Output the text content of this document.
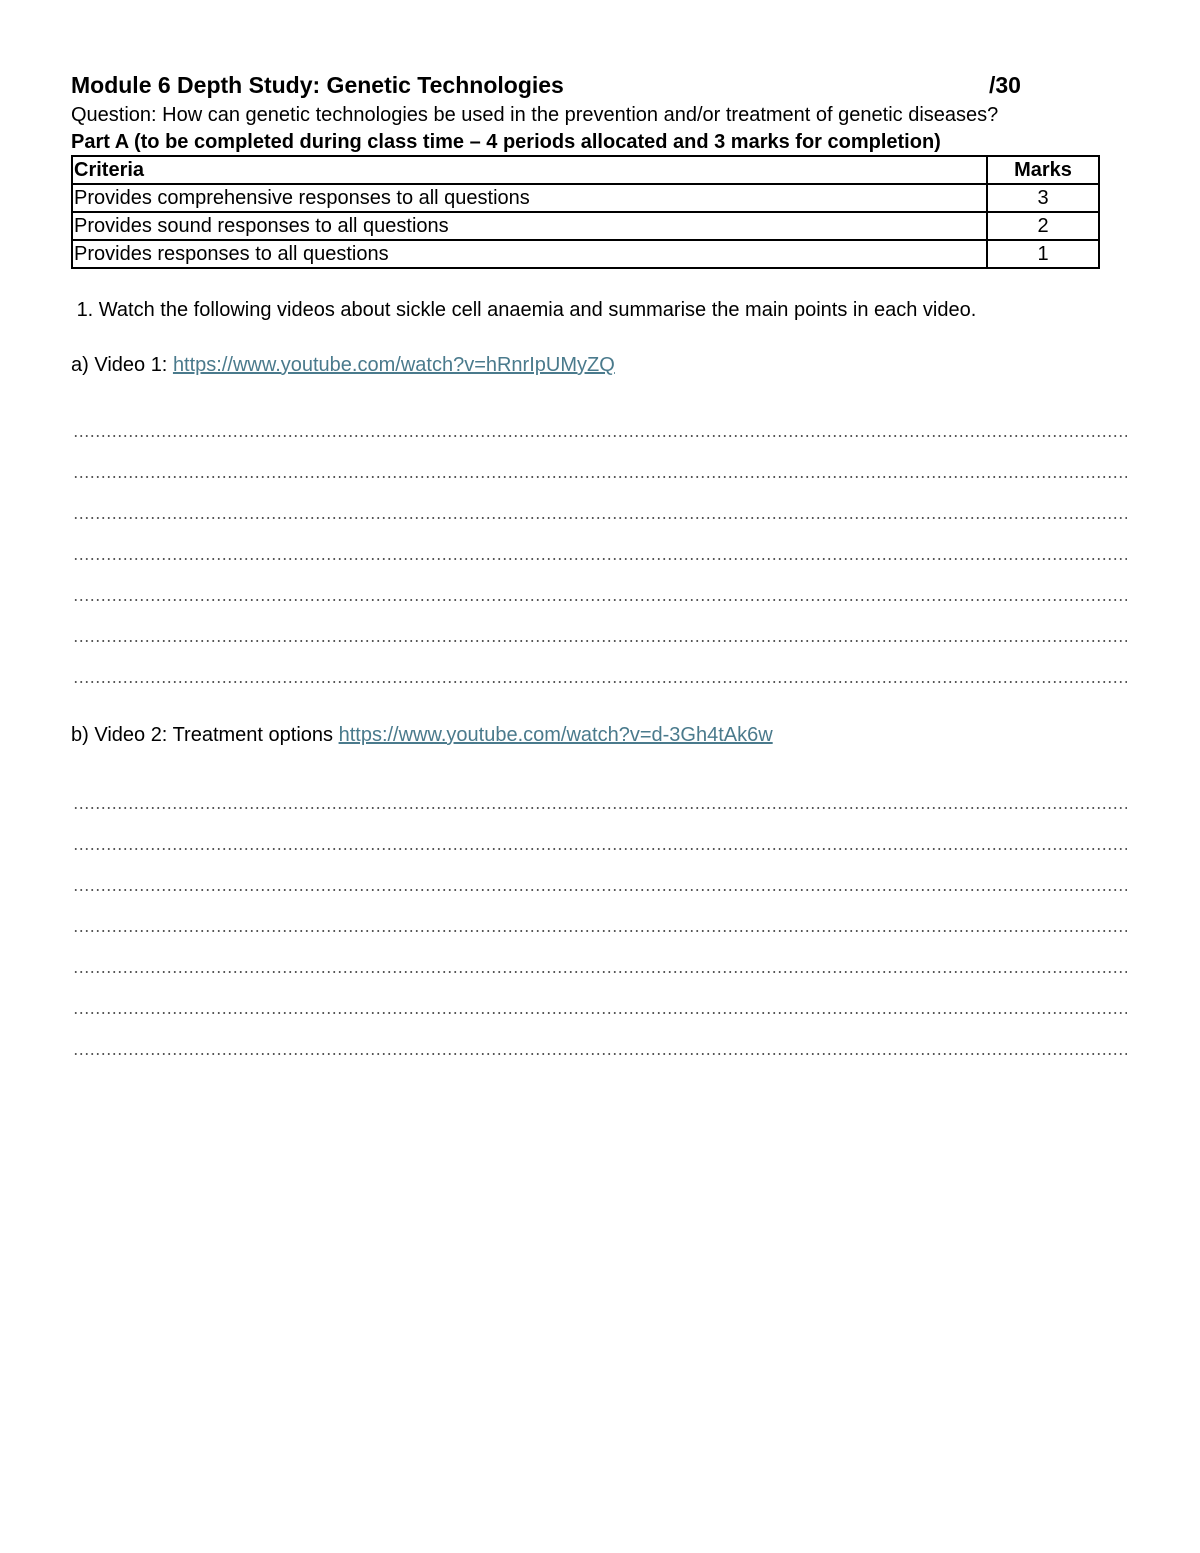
Module 6 Depth Study: Genetic Technologies	/30
Question: How can genetic technologies be used in the prevention and/or treatment of genetic diseases?
Part A (to be completed during class time – 4 periods allocated and 3 marks for completion)
Criteria	Marks
Provides comprehensive responses to all questions	3
Provides sound responses to all questions	2
Provides responses to all questions	1
1. Watch the following videos about sickle cell anaemia and summarise the main points in each video.
a) Video 1: https://www.youtube.com/watch?v=hRnrIpUMyZQ
b) Video 2: Treatment options https://www.youtube.com/watch?v=d-3Gh4tAk6w
